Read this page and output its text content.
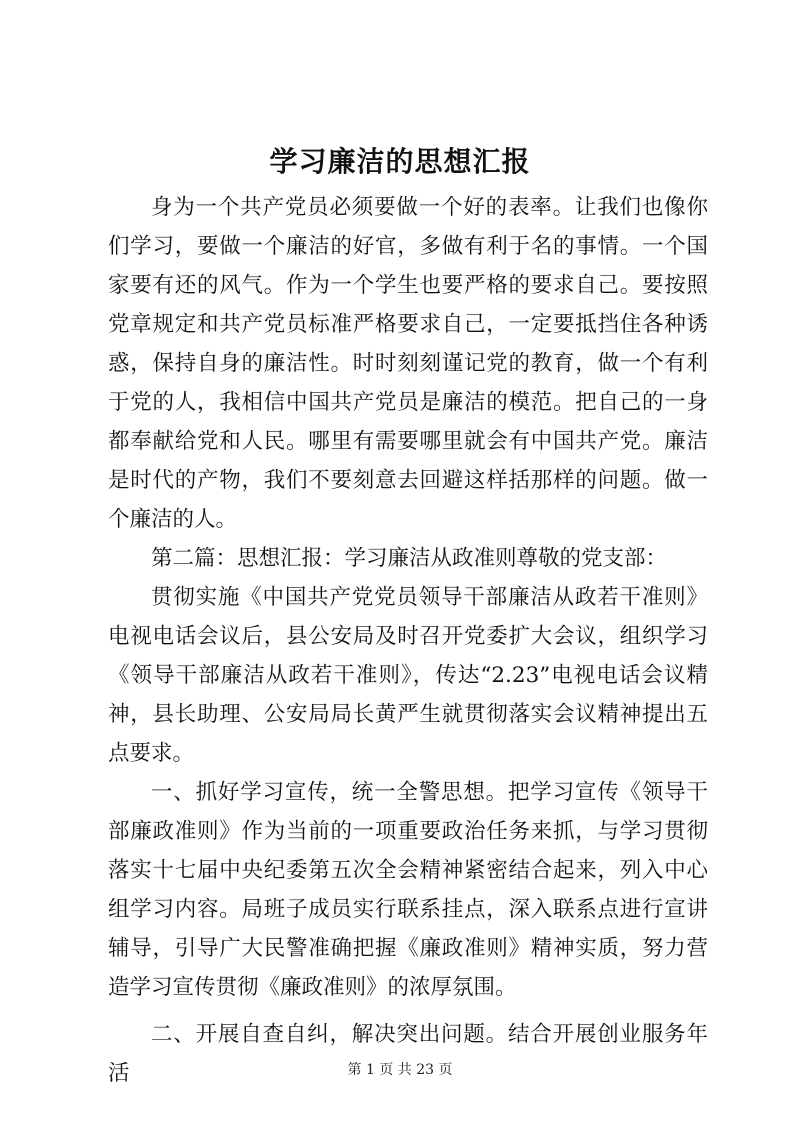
学习廉洁的思想汇报

身为一个共产党员必须要做一个好的表率。让我们也像你们学习，要做一个廉洁的好官，多做有利于名的事情。一个国家要有还的风气。作为一个学生也要严格的要求自己。要按照党章规定和共产党员标准严格要求自己，一定要抵挡住各种诱惑，保持自身的廉洁性。时时刻刻谨记党的教育，做一个有利于党的人，我相信中国共产党员是廉洁的模范。把自己的一身都奉献给党和人民。哪里有需要哪里就会有中国共产党。廉洁是时代的产物，我们不要刻意去回避这样括那样的问题。做一个廉洁的人。

第二篇：思想汇报：学习廉洁从政准则尊敬的党支部：

贯彻实施《中国共产党党员领导干部廉洁从政若干准则》电视电话会议后，县公安局及时召开党委扩大会议，组织学习《领导干部廉洁从政若干准则》，传达“2.23”电视电话会议精神，县长助理、公安局局长黄严生就贯彻落实会议精神提出五点要求。

一、抓好学习宣传，统一全警思想。把学习宣传《领导干部廉政准则》作为当前的一项重要政治任务来抓，与学习贯彻落实十七届中央纪委第五次全会精神紧密结合起来，列入中心组学习内容。局班子成员实行联系挂点，深入联系点进行宣讲辅导，引导广大民警准确把握《廉政准则》精神实质，努力营造学习宣传贯彻《廉政准则》的浓厚氛围。

二、开展自查自纠，解决突出问题。结合开展创业服务年活	第 1 页 共 23 页
